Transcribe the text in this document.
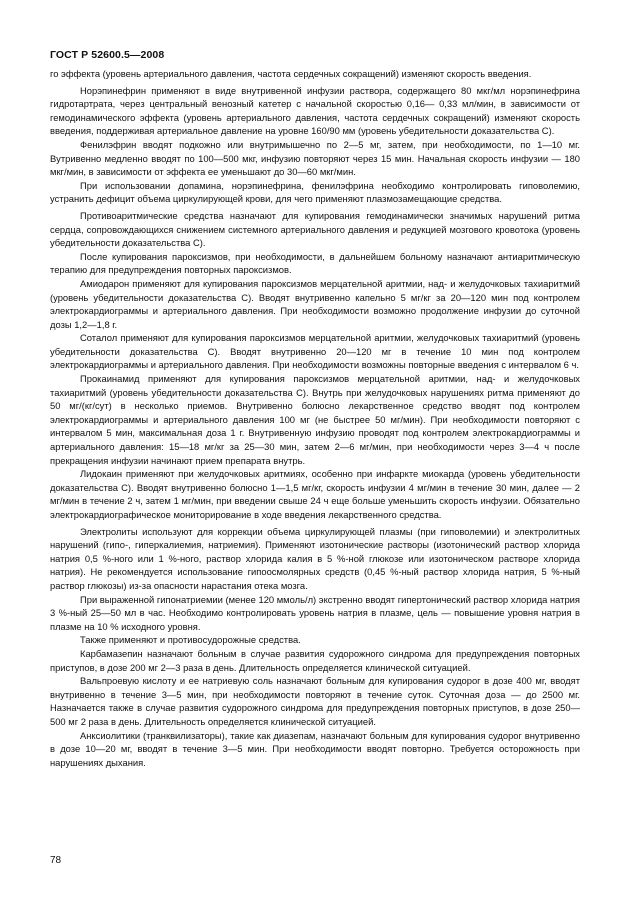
ГОСТ Р 52600.5—2008

го эффекта (уровень артериального давления, частота сердечных сокращений) изменяют скорость введения.

Норэпинефрин применяют в виде внутривенной инфузии раствора, содержащего 80 мкг/мл норэпинефрина гидротартрата, через центральный венозный катетер с начальной скоростью 0,16— 0,33 мл/мин, в зависимости от гемодинамического эффекта (уровень артериального давления, частота сердечных сокращений) изменяют скорость введения, поддерживая артериальное давление на уровне 160/90 мм (уровень убедительности доказательства С).

Фенилэфрин вводят подкожно или внутримышечно по 2—5 мг, затем, при необходимости, по 1—10 мг. Вутривенно медленно вводят по 100—500 мкг, инфузию повторяют через 15 мин. Начальная скорость инфузии — 180 мкг/мин, в зависимости от эффекта ее уменьшают до 30—60 мкг/мин.

При использовании допамина, норэпинефрина, фенилэфрина необходимо контролировать гиповолемию, устранить дефицит объема циркулирующей крови, для чего применяют плазмозамещающие средства.

Противоаритмические средства назначают для купирования гемодинамически значимых нарушений ритма сердца, сопровождающихся снижением системного артериального давления и редукцией мозгового кровотока (уровень убедительности доказательства С).

После купирования пароксизмов, при необходимости, в дальнейшем больному назначают антиаритмическую терапию для предупреждения повторных пароксизмов.

Амиодарон применяют для купирования пароксизмов мерцательной аритмии, над- и желудочковых тахиаритмий (уровень убедительности доказательства С). Вводят внутривенно капельно 5 мг/кг за 20—120 мин под контролем электрокардиограммы и артериального давления. При необходимости возможно продолжение инфузии до суточной дозы 1,2—1,8 г.

Соталол применяют для купирования пароксизмов мерцательной аритмии, желудочковых тахиаритмий (уровень убедительности доказательства С). Вводят внутривенно 20—120 мг в течение 10 мин под контролем электрокардиограммы и артериального давления. При необходимости возможны повторные введения с интервалом 6 ч.

Прокаинамид применяют для купирования пароксизмов мерцательной аритмии, над- и желудочковых тахиаритмий (уровень убедительности доказательства С). Внутрь при желудочковых нарушениях ритма применяют до 50 мг/(кг/сут) в несколько приемов. Внутривенно болюсно лекарственное средство вводят под контролем электрокардиограммы и артериального давления 100 мг (не быстрее 50 мг/мин). При необходимости повторяют с интервалом 5 мин, максимальная доза 1 г. Внутривенную инфузию проводят под контролем электрокардиограммы и артериального давления: 15—18 мг/кг за 25—30 мин, затем 2—6 мг/мин, при необходимости через 3—4 ч после прекращения инфузии начинают прием препарата внутрь.

Лидокаин применяют при желудочковых аритмиях, особенно при инфаркте миокарда (уровень убедительности доказательства С). Вводят внутривенно болюсно 1—1,5 мг/кг, скорость инфузии 4 мг/мин в течение 30 мин, далее — 2 мг/мин в течение 2 ч, затем 1 мг/мин, при введении свыше 24 ч еще больше уменьшить скорость инфузии. Обязательно электрокардиографическое мониторирование в ходе введения лекарственного средства.

Электролиты используют для коррекции объема циркулирующей плазмы (при гиповолемии) и электролитных нарушений (гипо-, гиперкалиемия, натриемия). Применяют изотонические растворы (изотонический раствор хлорида натрия 0,5 %-ного или 1 %-ного, раствор хлорида калия в 5 %-ной глюкозе или изотоническом растворе хлорида натрия). Не рекомендуется использование гипоосмолярных средств (0,45 %-ный раствор хлорида натрия, 5 %-ный раствор глюкозы) из-за опасности нарастания отека мозга.

При выраженной гипонатриемии (менее 120 ммоль/л) экстренно вводят гипертонический раствор хлорида натрия 3 %-ный 25—50 мл в час. Необходимо контролировать уровень натрия в плазме, цель — повышение уровня натрия в плазме на 10 % исходного уровня.

Также применяют и противосудорожные средства.

Карбамазепин назначают больным в случае развития судорожного синдрома для предупреждения повторных приступов, в дозе 200 мг 2—3 раза в день. Длительность определяется клинической ситуацией.

Вальпроевую кислоту и ее натриевую соль назначают больным для купирования судорог в дозе 400 мг, вводят внутривенно в течение 3—5 мин, при необходимости повторяют в течение суток. Суточная доза — до 2500 мг. Назначается также в случае развития судорожного синдрома для предупреждения повторных приступов, в дозе 250—500 мг 2 раза в день. Длительность определяется клинической ситуацией.

Анксиолитики (транквилизаторы), такие как диазепам, назначают больным для купирования судорог внутривенно в дозе 10—20 мг, вводят в течение 3—5 мин. При необходимости вводят повторно. Требуется осторожность при нарушениях дыхания.

78
